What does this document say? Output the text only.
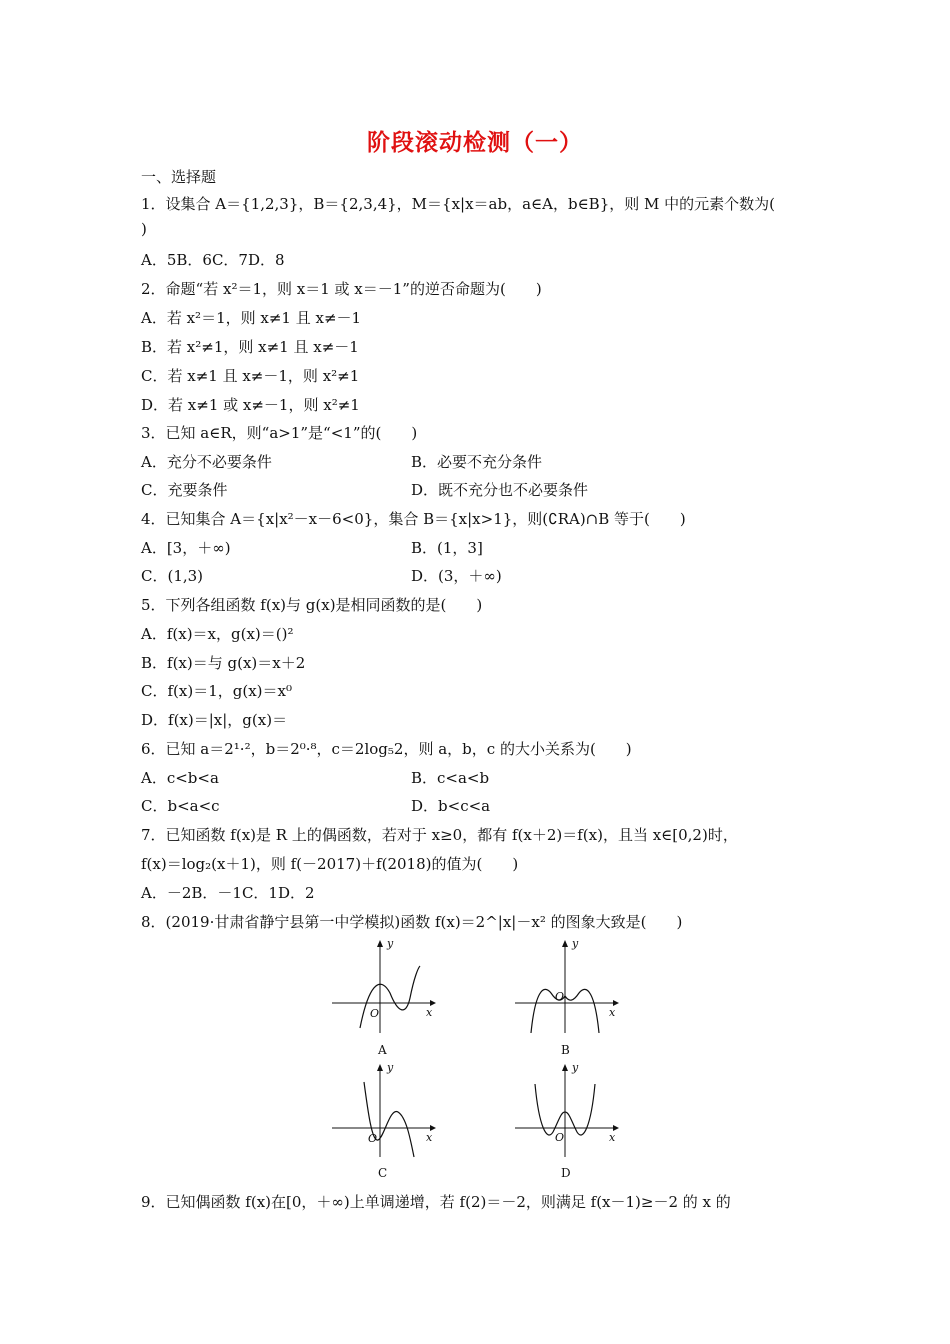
阶段滚动检测（一）
一、选择题
1．设集合 A＝{1,2,3}，B＝{2,3,4}，M＝{x|x＝ab，a∈A，b∈B}，则 M 中的元素个数为(
)
A．5B．6C．7D．8
2．命题“若 x²＝1，则 x＝1 或 x＝－1”的逆否命题为(　　)
A．若 x²＝1，则 x≠1 且 x≠－1
B．若 x²≠1，则 x≠1 且 x≠－1
C．若 x≠1 且 x≠－1，则 x²≠1
D．若 x≠1 或 x≠－1，则 x²≠1
3．已知 a∈R，则“a>1”是“<1”的(　　)
A．充分不必要条件	B．必要不充分条件
C．充要条件	D．既不充分也不必要条件
4．已知集合 A＝{x|x²－x－6<0}，集合 B＝{x|x>1}，则(∁RA)∩B 等于(　　)
A．[3，＋∞)	B．(1，3]
C．(1,3)	D．(3，＋∞)
5．下列各组函数 f(x)与 g(x)是相同函数的是(　　)
A．f(x)＝x，g(x)＝()²
B．f(x)＝与 g(x)＝x＋2
C．f(x)＝1，g(x)＝x⁰
D．f(x)＝|x|，g(x)＝
6．已知 a＝2¹·²，b＝2⁰·⁸，c＝2log₅2，则 a，b，c 的大小关系为(　　)
A．c<b<a	B．c<a<b
C．b<a<c	D．b<c<a
7．已知函数 f(x)是 R 上的偶函数，若对于 x≥0，都有 f(x＋2)＝f(x)，且当 x∈[0,2)时，
f(x)＝log₂(x＋1)，则 f(－2017)＋f(2018)的值为(　　)
A．－2B．－1C．1D．2
8．(2019·甘肃省静宁县第一中学模拟)函数 f(x)＝2^|x|－x² 的图象大致是(　　)
y
x
O
A
y
x
O
B
y
x
O
C
y
x
O
D
9．已知偶函数 f(x)在[0，＋∞)上单调递增，若 f(2)＝－2，则满足 f(x－1)≥－2 的 x 的
